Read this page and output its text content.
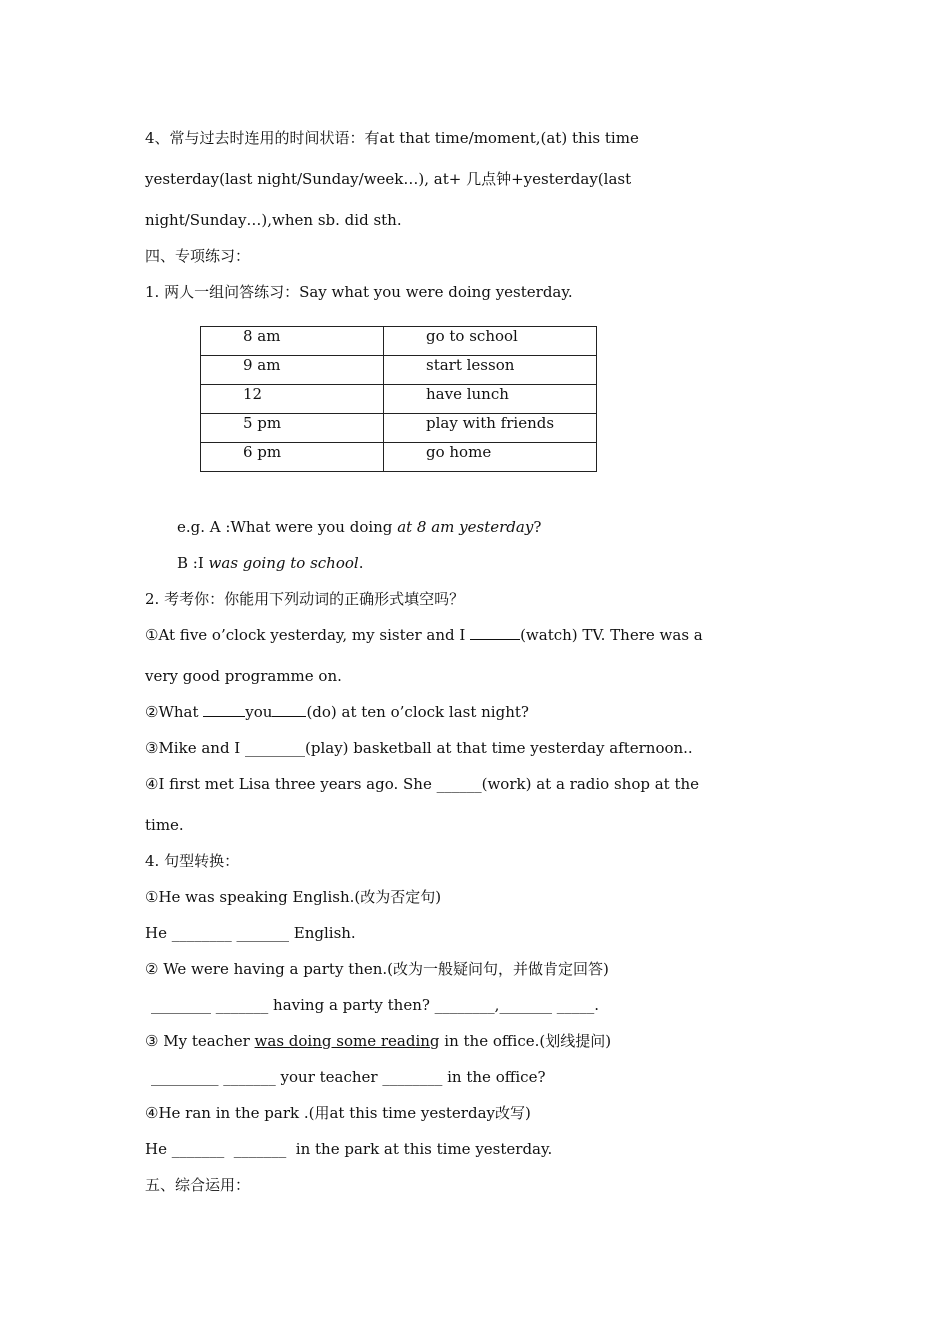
4、常与过去时连用的时间状语：有at that time/moment,(at) this time
yesterday(last night/Sunday/week…), at+ 几点钟+yesterday(last
night/Sunday…),when sb. did sth.
四、专项练习：
1. 两人一组问答练习：Say what you were doing yesterday.
8 am	go to school
9 am	start lesson
12	have lunch
5 pm	play with friends
6 pm	go home
e.g. A :What were you doing at 8 am yesterday?
B :I was going to school.
2. 考考你：你能用下列动词的正确形式填空吗？
①At five o’clock yesterday, my sister and I	(watch) TV. There was a
very good programme on.
②What	you (do) at ten o’clock last night?
③Mike and I ________(play) basketball at that time yesterday afternoon..
④I first met Lisa three years ago. She ______(work) at a radio shop at the
time.
4. 句型转换：
①He was speaking English.(改为否定句)
He ________ _______ English.
② We were having a party then.(改为一般疑问句，并做肯定回答)
________ _______ having a party then? ________,_______ _____.
③ My teacher was doing some reading in the office.(划线提问)
_________ _______ your teacher ________ in the office?
④He ran in the park .(用at this time yesterday改写)
He _______  _______  in the park at this time yesterday.
五、综合运用：
